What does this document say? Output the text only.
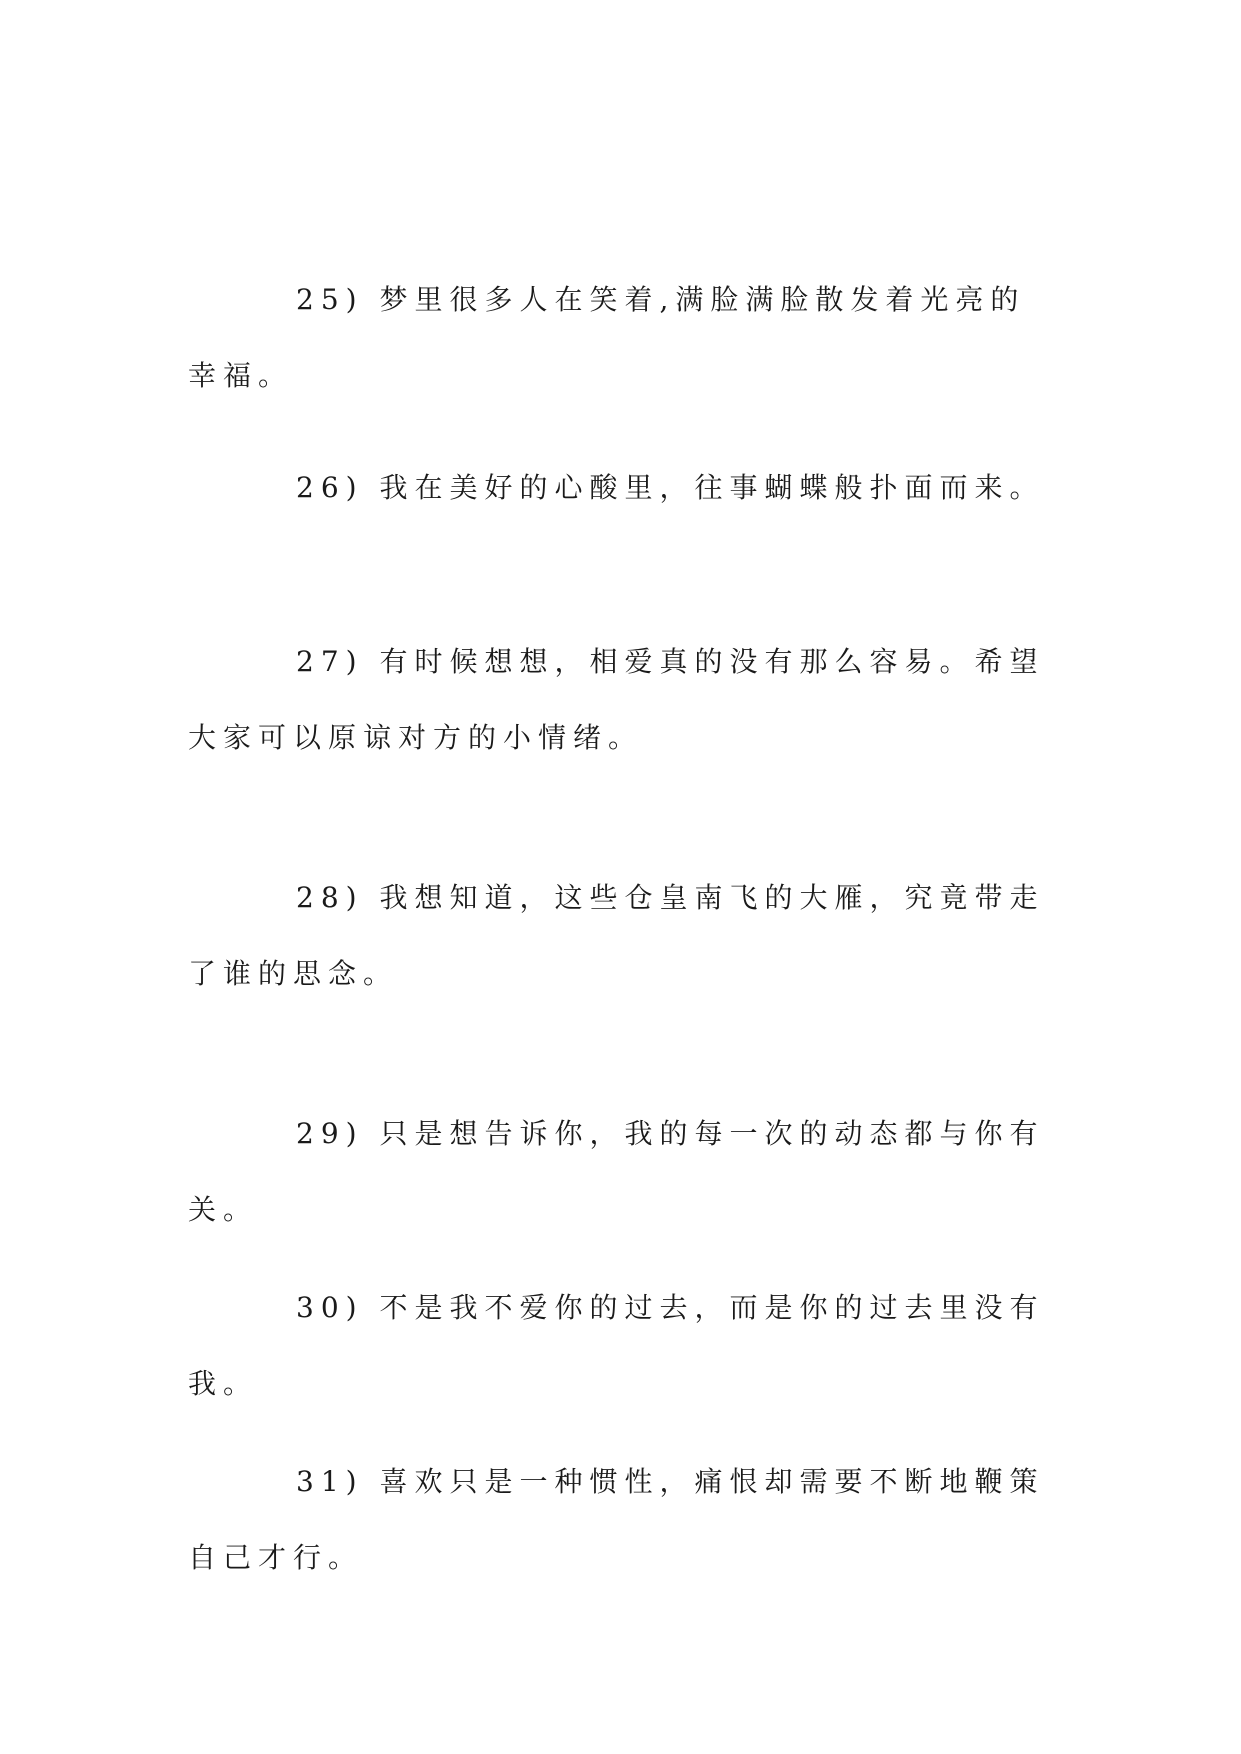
25) 梦里很多人在笑着,满脸满脸散发着光亮的幸福。

26) 我在美好的心酸里，往事蝴蝶般扑面而来。

27) 有时候想想，相爱真的没有那么容易。希望大家可以原谅对方的小情绪。

28) 我想知道，这些仓皇南飞的大雁，究竟带走了谁的思念。

29) 只是想告诉你，我的每一次的动态都与你有关。

30) 不是我不爱你的过去，而是你的过去里没有我。

31) 喜欢只是一种惯性，痛恨却需要不断地鞭策自己才行。
